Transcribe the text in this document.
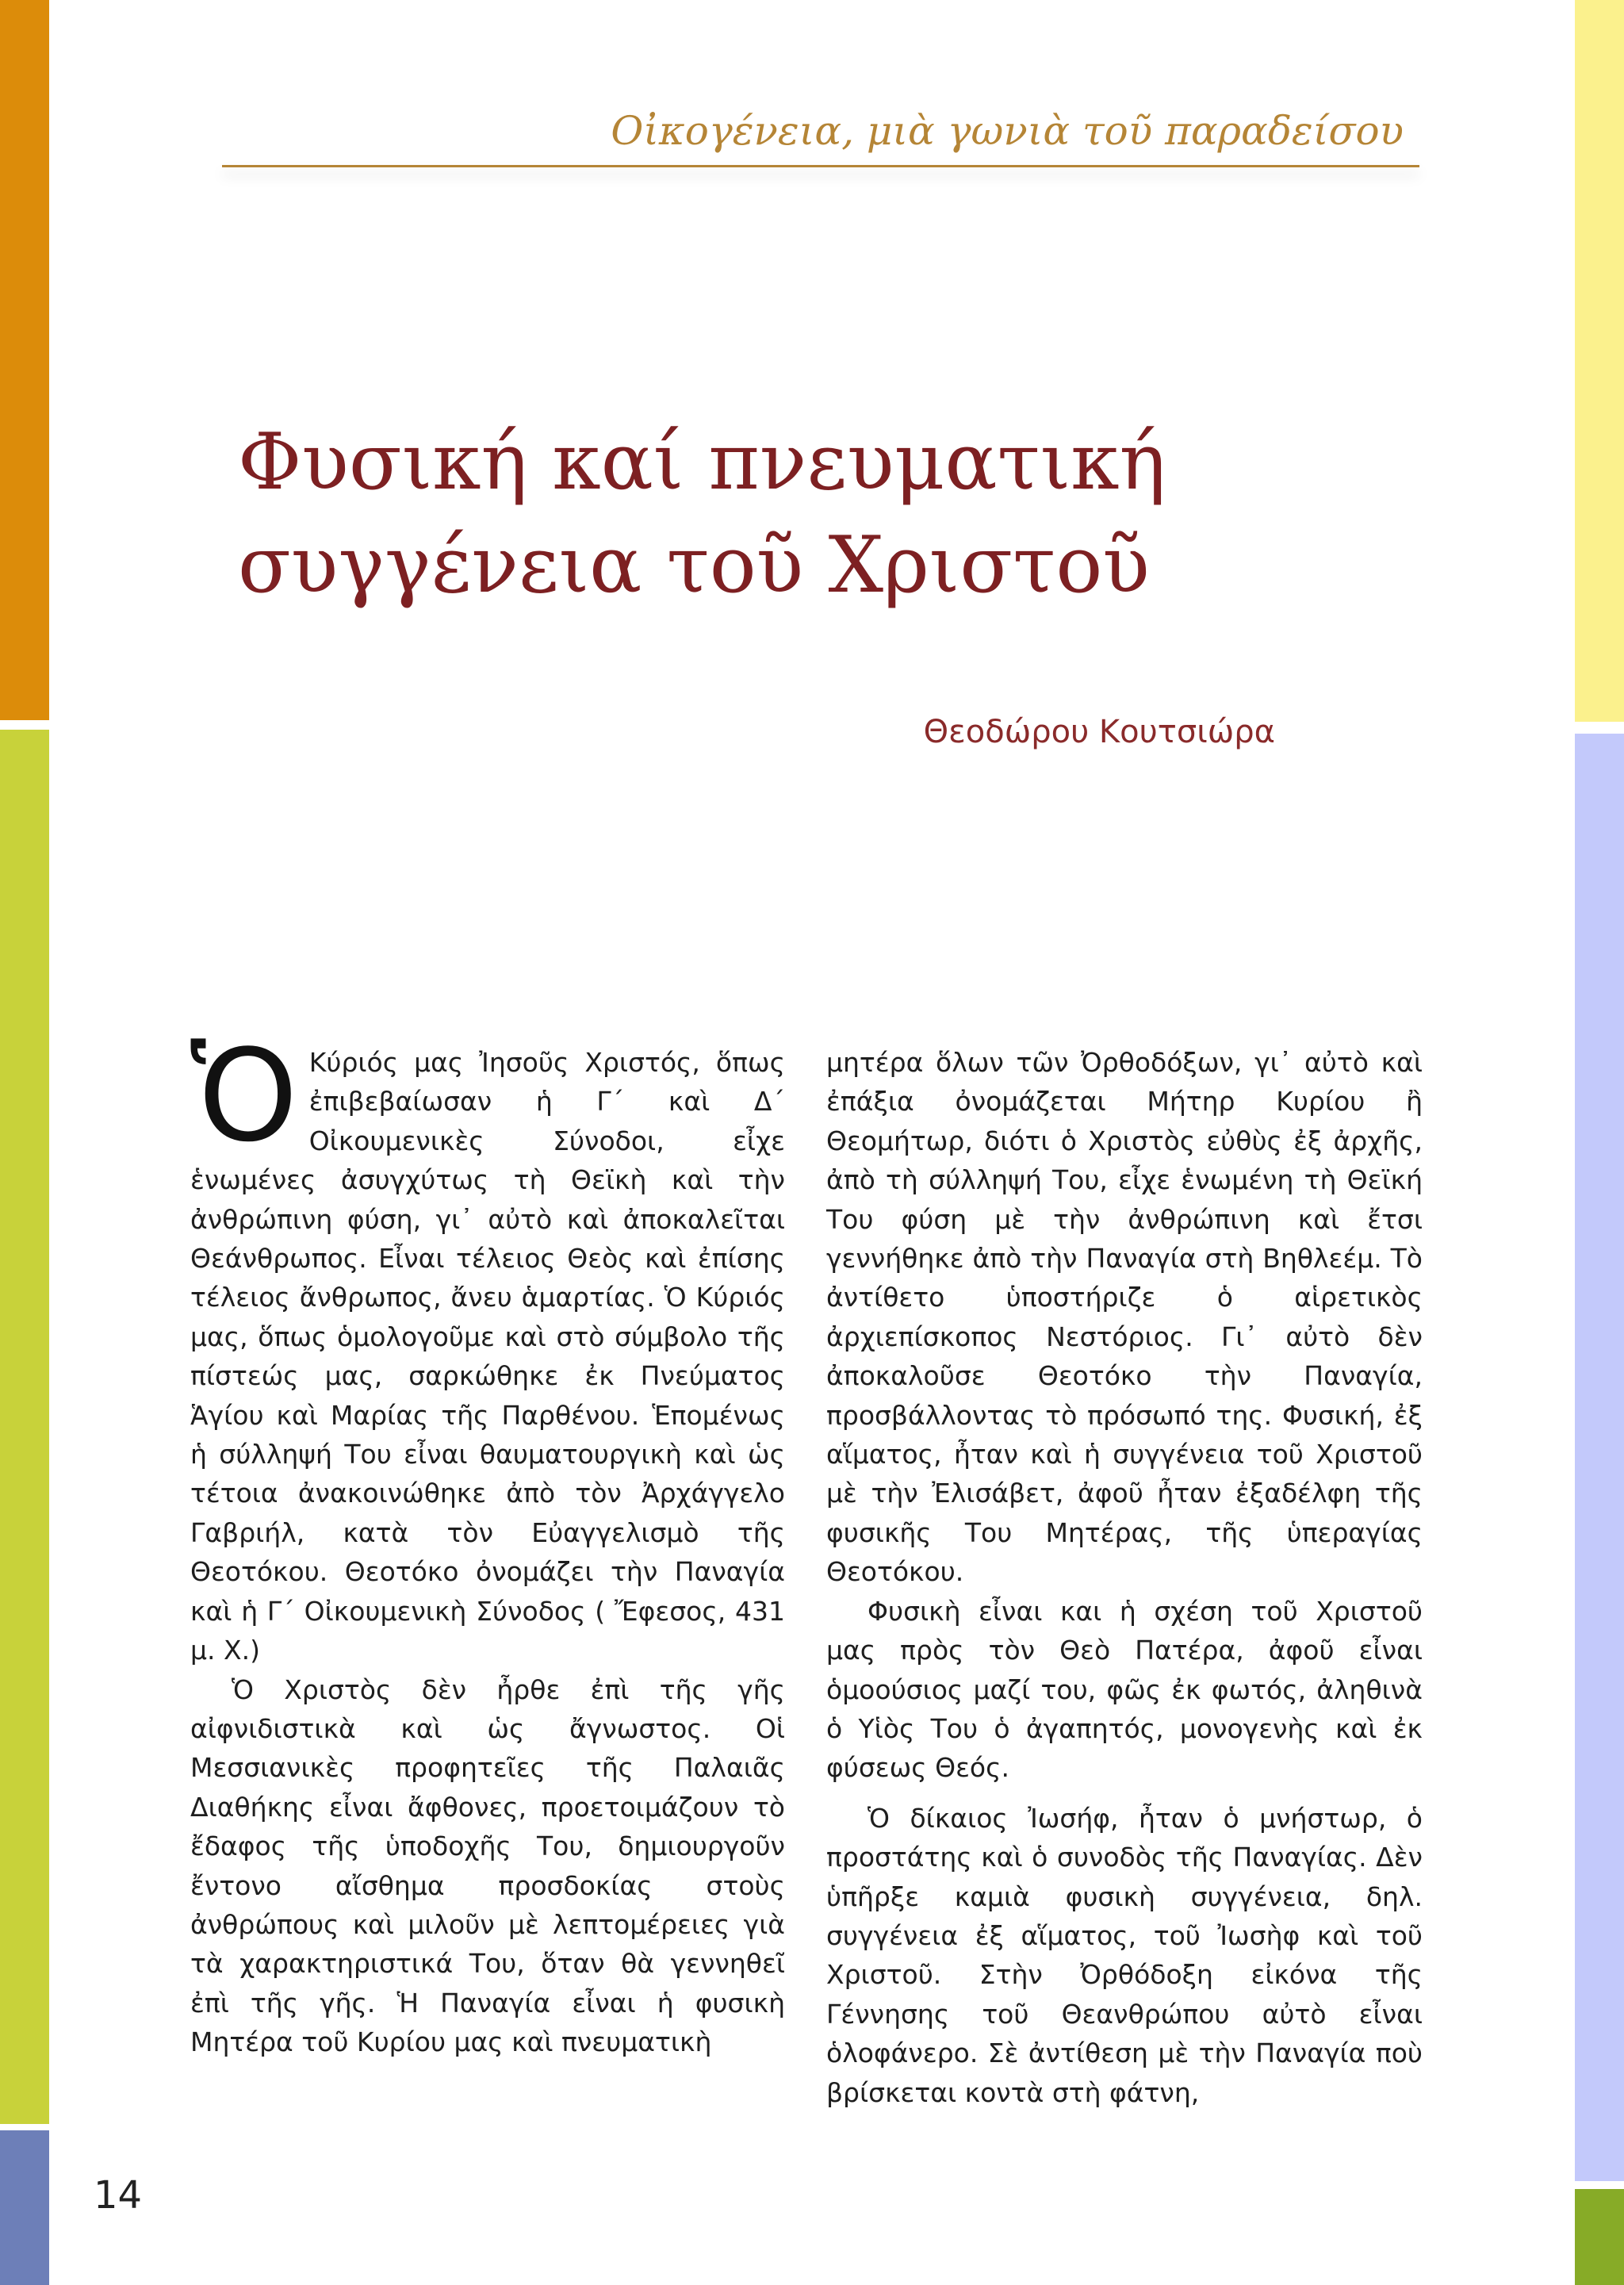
Οἰκογένεια, μιὰ γωνιὰ τοῦ παραδείσου
Φυσική καί πνευματική
συγγένεια τοῦ Χριστοῦ
Θεοδώρου Κουτσιώρα

Ὁ Κύριός μας Ἰησοῦς Χριστός, ὅπως ἐπιβεβαίωσαν ἡ Γ΄ καὶ Δ΄ Οἰκουμενικὲς Σύνοδοι, εἶχε ἑνωμένες ἀσυγχύτως τὴ Θεϊκὴ καὶ τὴν ἀνθρώπινη φύση, γι᾽ αὐτὸ καὶ ἀποκαλεῖται Θεάνθρωπος. Εἶναι τέλειος Θεὸς καὶ ἐπίσης τέλειος ἄνθρωπος, ἄνευ ἁμαρτίας. Ὁ Κύριός μας, ὅπως ὁμολογοῦμε καὶ στὸ σύμβολο τῆς πίστεώς μας, σαρκώθηκε ἐκ Πνεύματος Ἁγίου καὶ Μαρίας τῆς Παρθένου. Ἑπομένως ἡ σύλληψή Του εἶναι θαυματουργικὴ καὶ ὡς τέτοια ἀνακοινώθηκε ἀπὸ τὸν Ἀρχάγγελο Γαβριήλ, κατὰ τὸν Εὐαγγελισμὸ τῆς Θεοτόκου. Θεοτόκο ὀνομάζει τὴν Παναγία καὶ ἡ Γ΄ Οἰκουμενικὴ Σύνοδος ( Ἔφεσος, 431 μ. Χ.)

Ὁ Χριστὸς δὲν ἦρθε ἐπὶ τῆς γῆς αἰφνιδιστικὰ καὶ ὡς ἄγνωστος. Οἱ Μεσσιανικὲς προφητεῖες τῆς Παλαιᾶς Διαθήκης εἶναι ἄφθονες, προετοιμάζουν τὸ ἔδαφος τῆς ὑποδοχῆς Του, δημιουργοῦν ἔντονο αἴσθημα προσδοκίας στοὺς ἀνθρώπους καὶ μιλοῦν μὲ λεπτομέρειες γιὰ τὰ χαρακτηριστικά Του, ὅταν θὰ γεννηθεῖ ἐπὶ τῆς γῆς. Ἡ Παναγία εἶναι ἡ φυσικὴ Μητέρα τοῦ Κυρίου μας καὶ πνευματικὴ

μητέρα ὅλων τῶν Ὀρθοδόξων, γι᾽ αὐτὸ καὶ ἐπάξια ὀνομάζεται Μήτηρ Κυρίου ἢ Θεομήτωρ, διότι ὁ Χριστὸς εὐθὺς ἐξ ἀρχῆς, ἀπὸ τὴ σύλληψή Του, εἶχε ἑνωμένη τὴ Θεϊκή Του φύση μὲ τὴν ἀνθρώπινη καὶ ἔτσι γεννήθηκε ἀπὸ τὴν Παναγία στὴ Βηθλεέμ. Τὸ ἀντίθετο ὑποστήριζε ὁ αἱρετικὸς ἀρχιεπίσκοπος Νεστόριος. Γι᾽ αὐτὸ δὲν ἀποκαλοῦσε Θεοτόκο τὴν Παναγία, προσβάλλοντας τὸ πρόσωπό της. Φυσική, ἐξ αἵματος, ἦταν καὶ ἡ συγγένεια τοῦ Χριστοῦ μὲ τὴν Ἐλισάβετ, ἀφοῦ ἦταν ἐξαδέλφη τῆς φυσικῆς Του Μητέρας, τῆς ὑπεραγίας Θεοτόκου.

Φυσικὴ εἶναι και ἡ σχέση τοῦ Χριστοῦ μας πρὸς τὸν Θεὸ Πατέρα, ἀφοῦ εἶναι ὁμοούσιος μαζί του, φῶς ἐκ φωτός, ἀληθινὰ ὁ Υἱὸς Του ὁ ἀγαπητός, μονογενὴς καὶ ἐκ φύσεως Θεός.

Ὁ δίκαιος Ἰωσήφ, ἦταν ὁ μνήστωρ, ὁ προστάτης καὶ ὁ συνοδὸς τῆς Παναγίας. Δὲν ὑπῆρξε καμιὰ φυσικὴ συγγένεια, δηλ. συγγένεια ἐξ αἵματος, τοῦ Ἰωσὴφ καὶ τοῦ Χριστοῦ. Στὴν Ὀρθόδοξη εἰκόνα τῆς Γέννησης τοῦ Θεανθρώπου αὐτὸ εἶναι ὁλοφάνερο. Σὲ ἀντίθεση μὲ τὴν Παναγία ποὺ βρίσκεται κοντὰ στὴ φάτνη,

14
